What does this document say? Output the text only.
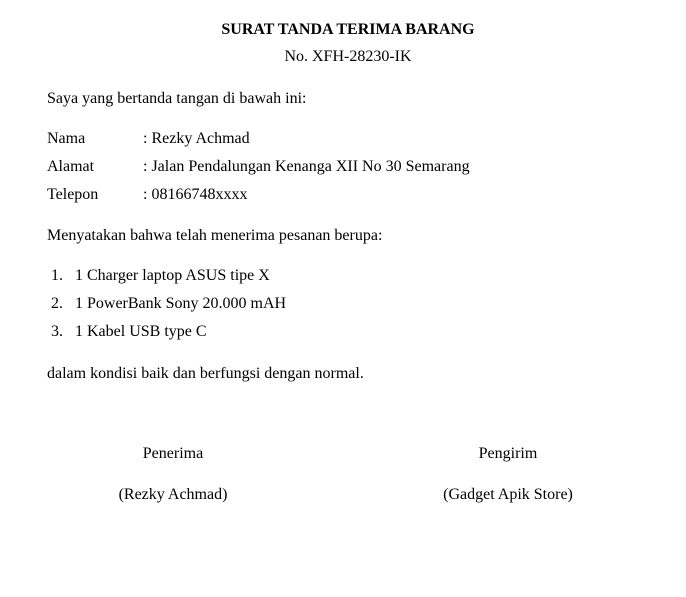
SURAT TANDA TERIMA BARANG
No. XFH-28230-IK
Saya yang bertanda tangan di bawah ini:
Nama	: Rezky Achmad
Alamat	: Jalan Pendalungan Kenanga XII No 30 Semarang
Telepon	: 08166748xxxx
Menyatakan bahwa telah menerima pesanan berupa:
1. 1 Charger laptop ASUS tipe X
2. 1 PowerBank Sony 20.000 mAH
3. 1 Kabel USB type C
dalam kondisi baik dan berfungsi dengan normal.
Penerima
(Rezky Achmad)
Pengirim
(Gadget Apik Store)
